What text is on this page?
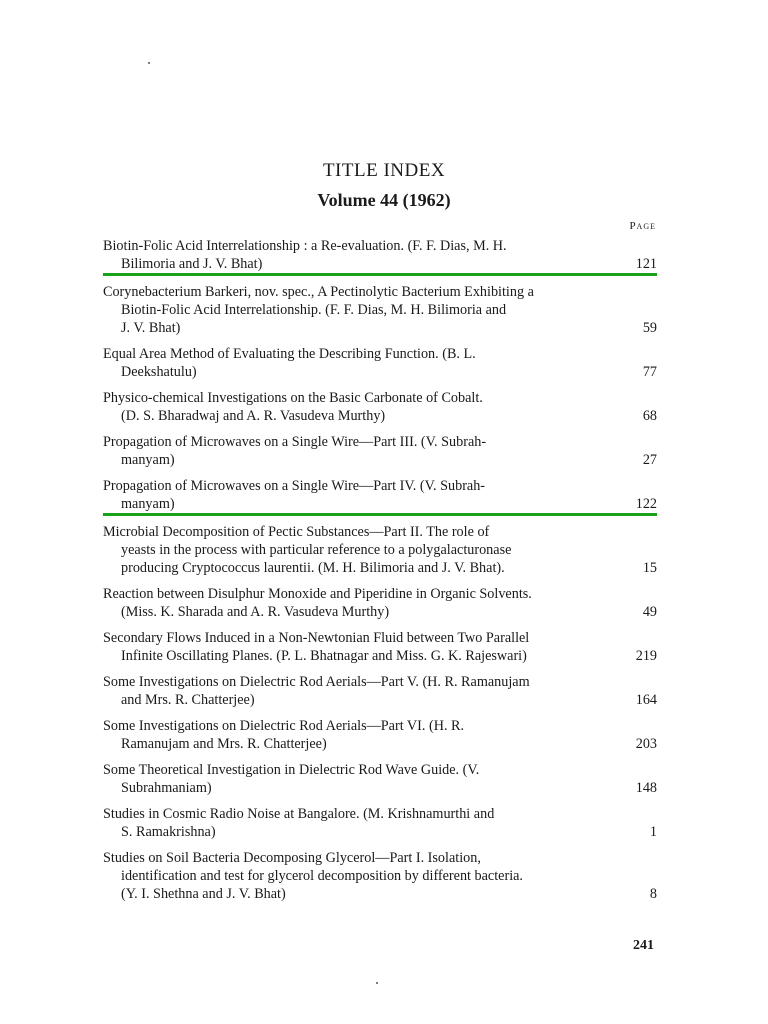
TITLE INDEX
Volume 44 (1962)
Page
Biotin-Folic Acid Interrelationship : a Re-evaluation. (F. F. Dias, M. H.
Bilimoria and J. V. Bhat)	121
Corynebacterium Barkeri, nov. spec., A Pectinolytic Bacterium Exhibiting a
Biotin-Folic Acid Interrelationship. (F. F. Dias, M. H. Bilimoria and
J. V. Bhat)	59
Equal Area Method of Evaluating the Describing Function. (B. L.
Deekshatulu)	77
Physico-chemical Investigations on the Basic Carbonate of Cobalt.
(D. S. Bharadwaj and A. R. Vasudeva Murthy)	68
Propagation of Microwaves on a Single Wire—Part III. (V. Subrah-
manyam)	27
Propagation of Microwaves on a Single Wire—Part IV. (V. Subrah-
manyam)	122
Microbial Decomposition of Pectic Substances—Part II. The role of
yeasts in the process with particular reference to a polygalacturonase
producing Cryptococcus laurentii. (M. H. Bilimoria and J. V. Bhat).	15
Reaction between Disulphur Monoxide and Piperidine in Organic Solvents.
(Miss. K. Sharada and A. R. Vasudeva Murthy)	49
Secondary Flows Induced in a Non-Newtonian Fluid between Two Parallel
Infinite Oscillating Planes. (P. L. Bhatnagar and Miss. G. K. Rajeswari)	219
Some Investigations on Dielectric Rod Aerials—Part V. (H. R. Ramanujam
and Mrs. R. Chatterjee)	164
Some Investigations on Dielectric Rod Aerials—Part VI. (H. R.
Ramanujam and Mrs. R. Chatterjee)	203
Some Theoretical Investigation in Dielectric Rod Wave Guide. (V.
Subrahmaniam)	148
Studies in Cosmic Radio Noise at Bangalore. (M. Krishnamurthi and
S. Ramakrishna)	1
Studies on Soil Bacteria Decomposing Glycerol—Part I. Isolation,
identification and test for glycerol decomposition by different bacteria.
(Y. I. Shethna and J. V. Bhat)	8
241
